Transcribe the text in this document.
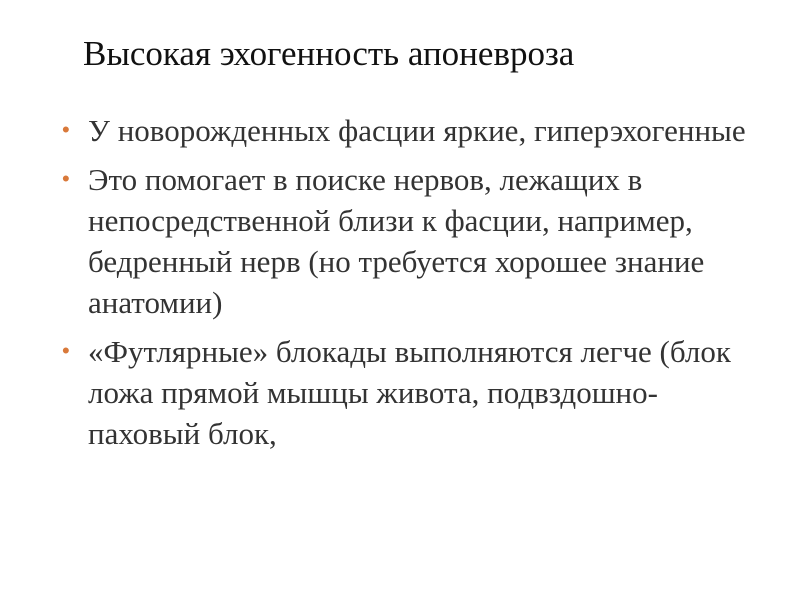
Высокая эхогенность апоневроза
• У новорожденных фасции яркие, гиперэхогенные
• Это помогает в поиске нервов, лежащих в непосредственной близи к фасции, например, бедренный нерв (но требуется хорошее знание анатомии)
• «Футлярные» блокады выполняются легче (блок ложа прямой мышцы живота, подвздошно-паховый блок,
